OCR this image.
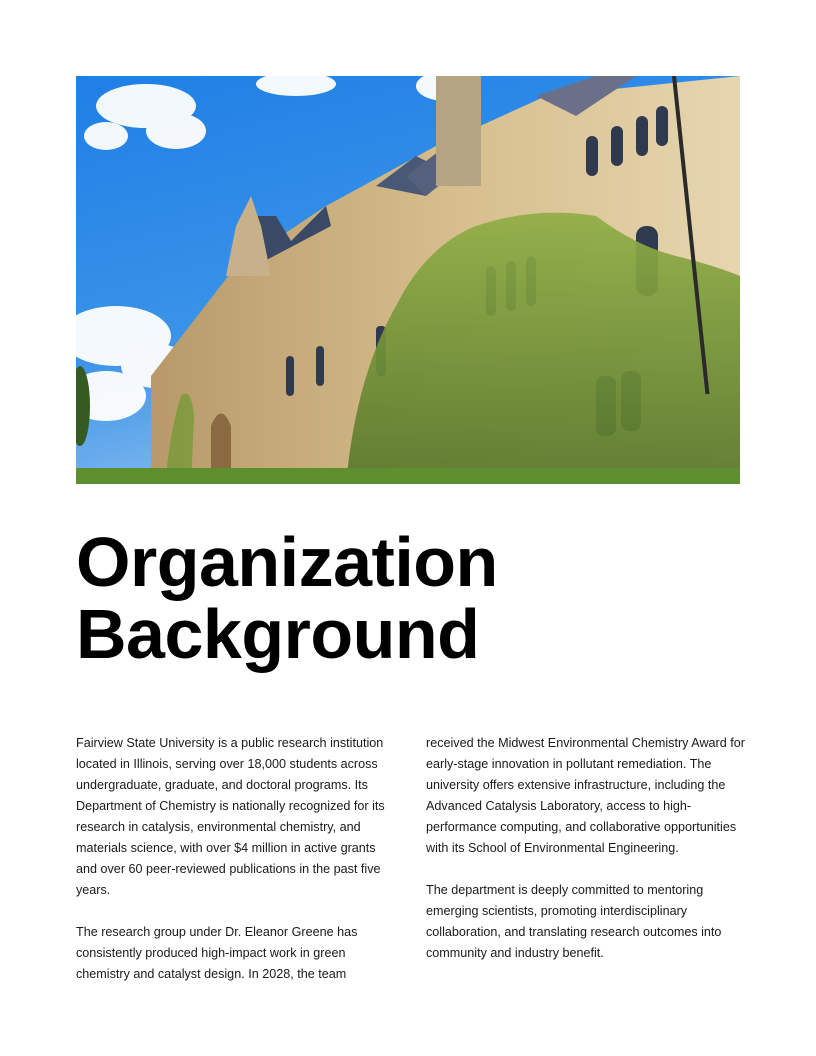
Organization
Background

Fairview State University is a public research institution located in Illinois, serving over 18,000 students across undergraduate, graduate, and doctoral programs. Its Department of Chemistry is nationally recognized for its research in catalysis, environmental chemistry, and materials science, with over $4 million in active grants and over 60 peer-reviewed publications in the past five years.

The research group under Dr. Eleanor Greene has consistently produced high-impact work in green chemistry and catalyst design. In 2028, the team

received the Midwest Environmental Chemistry Award for early-stage innovation in pollutant remediation. The university offers extensive infrastructure, including the Advanced Catalysis Laboratory, access to high-performance computing, and collaborative opportunities with its School of Environmental Engineering.

The department is deeply committed to mentoring emerging scientists, promoting interdisciplinary collaboration, and translating research outcomes into community and industry benefit.
